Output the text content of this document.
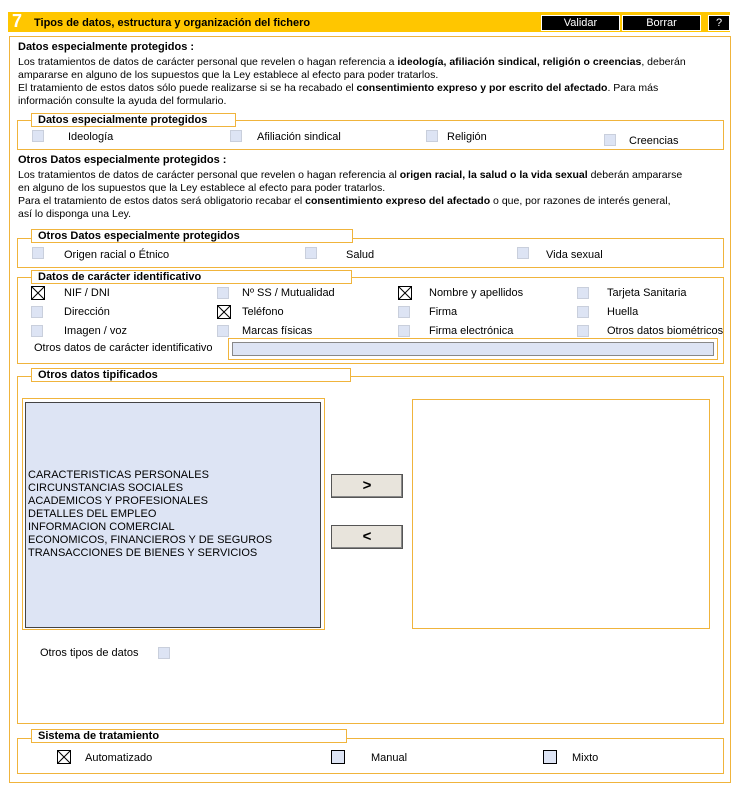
7 Tipos de datos, estructura y organización del fichero	Validar	Borrar	?
Datos especialmente protegidos :
Los tratamientos de datos de carácter personal que revelen o hagan referencia a ideología, afiliación sindical, religión o creencias, deberán
ampararse en alguno de los supuestos que la Ley establece al efecto para poder tratarlos.
El tratamiento de estos datos sólo puede realizarse si se ha recabado el consentimiento expreso y por escrito del afectado. Para más
información consulte la ayuda del formulario.
Datos especialmente protegidos
Ideología	Afiliación sindical	Religión	Creencias
Otros Datos especialmente protegidos :
Los tratamientos de datos de carácter personal que revelen o hagan referencia al origen racial, la salud o la vida sexual deberán ampararse
en alguno de los supuestos que la Ley establece al efecto para poder tratarlos.
Para el tratamiento de estos datos será obligatorio recabar el consentimiento expreso del afectado o que, por razones de interés general,
así lo disponga una Ley.
Otros Datos especialmente protegidos
Origen racial o Étnico	Salud	Vida sexual
Datos de carácter identificativo
NIF / DNI	Nº SS / Mutualidad	Nombre y apellidos	Tarjeta Sanitaria
Dirección	Teléfono	Firma	Huella
Imagen / voz	Marcas físicas	Firma electrónica	Otros datos biométricos
Otros datos de carácter identificativo
Otros datos tipificados
CARACTERISTICAS PERSONALES
CIRCUNSTANCIAS SOCIALES
ACADEMICOS Y PROFESIONALES
DETALLES DEL EMPLEO
INFORMACION COMERCIAL
ECONOMICOS, FINANCIEROS Y DE SEGUROS
TRANSACCIONES DE BIENES Y SERVICIOS
>
<
Otros tipos de datos
Sistema de tratamiento
Automatizado	Manual	Mixto
